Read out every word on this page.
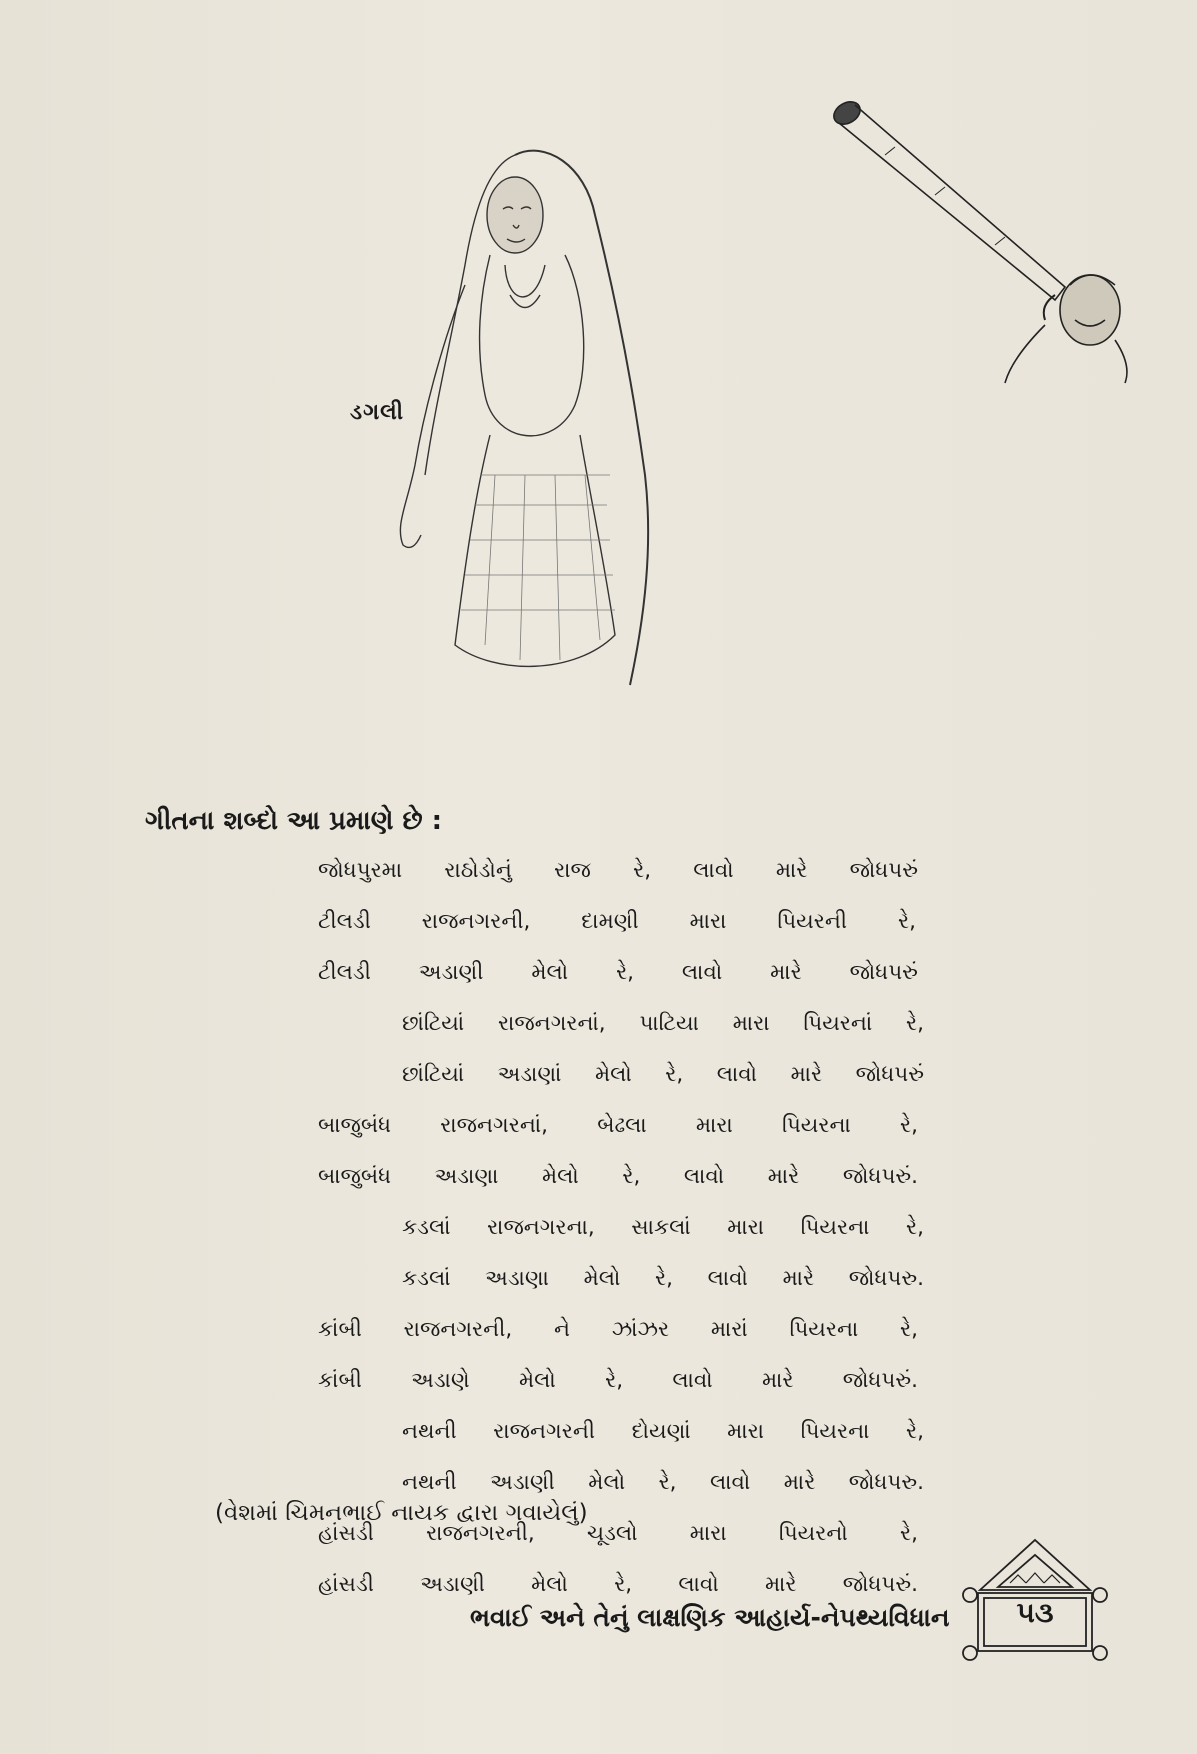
ડગલી
ગીતના શબ્દો આ પ્રમાણે છે :
જોધપુરમા રાઠોડોનું રાજ રે, લાવો મારે જોધપરું
ટીલડી રાજનગરની, દામણી મારા પિયરની રે,
ટીલડી અડાણી મેલો રે, લાવો મારે જોધપરું
છાંટિયાં રાજનગરનાં, પાટિયા મારા પિયરનાં રે,
છાંટિયાં અડાણાં મેલો રે, લાવો મારે જોધપરું
બાજુબંધ રાજનગરનાં, બેઢલા મારા પિયરના રે,
બાજુબંધ અડાણા મેલો રે, લાવો મારે જોધપરું.
કડલાં રાજનગરના, સાકલાં મારા પિયરના રે,
કડલાં અડાણા મેલો રે, લાવો મારે જોધપરુ.
કાંબી રાજનગરની, ને ઝાંઝર મારાં પિયરના રે,
કાંબી અડાણે મેલો રે, લાવો મારે જોધપરું.
નથની રાજનગરની દોયણાં મારા પિયરના રે,
નથની અડાણી મેલો રે, લાવો મારે જોધપરુ.
હાંસડી રાજનગરની, ચૂડલો મારા પિયરનો રે,
હાંસડી અડાણી મેલો રે, લાવો મારે જોધપરું.
(વેશમાં ચિમનભાઈ નાયક દ્વારા ગવાયેલું)
ભવાઈ અને તેનું લાક્ષણિક આહાર્ય-નેપથ્યવિધાન	૫૩
